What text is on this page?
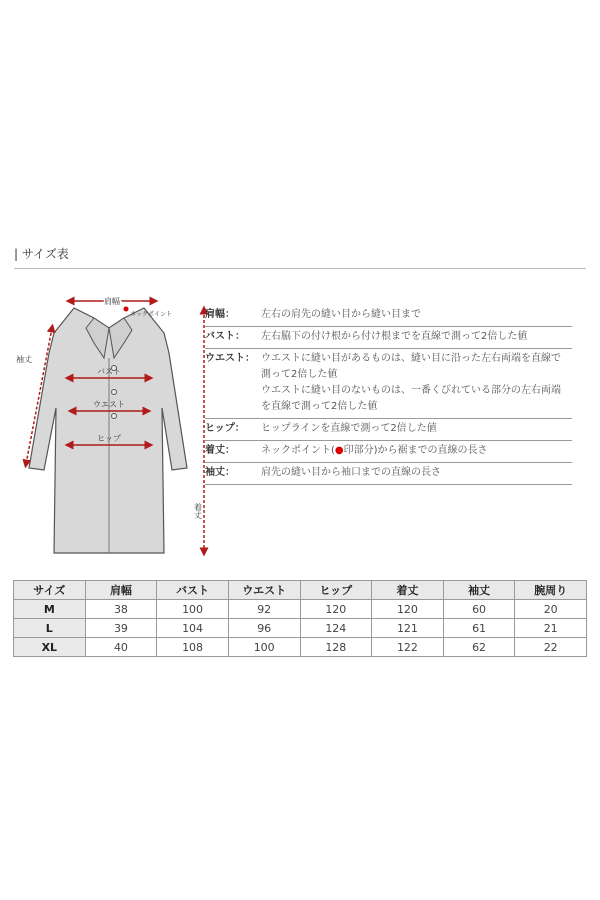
| サイズ表
肩幅
ネックポイント
袖丈
バスト
ウエスト
ヒップ
着丈
肩幅：	左右の肩先の縫い目から縫い目まで
バスト：	左右脇下の付け根から付け根までを直線で測って2倍した値
ウエスト： ウエストに縫い目があるものは、縫い目に沿った左右両端を直線で
測って2倍した値
ウエストに縫い目のないものは、一番くびれている部分の左右両端
を直線で測って2倍した値
ヒップ：	ヒップラインを直線で測って2倍した値
着丈：	ネックポイント(●印部分)から裾までの直線の長さ
袖丈：	肩先の縫い目から袖口までの直線の長さ
サイズ	肩幅	バスト	ウエスト	ヒップ	着丈	袖丈	腕周り
M	38	100	92	120	120	60	20
L	39	104	96	124	121	61	21
XL	40	108	100	128	122	62	22
